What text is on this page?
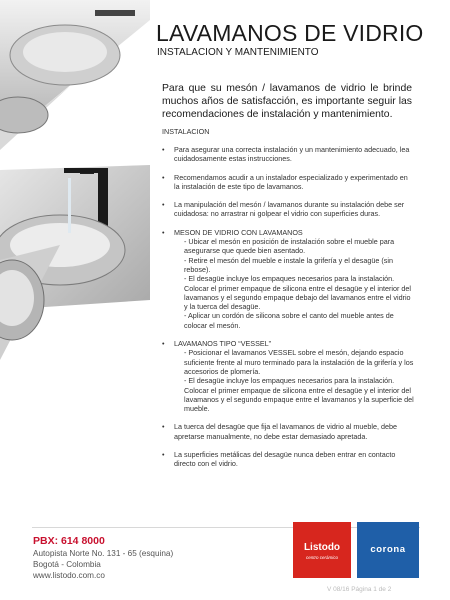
LAVAMANOS DE VIDRIO
INSTALACION Y MANTENIMIENTO

Para que su mesón / lavamanos de vidrio le brinde muchos años de satisfacción, es importante seguir las recomendaciones de instalación y mantenimiento.

INSTALACION
• Para asegurar una correcta instalación y un mantenimiento adecuado, lea cuidadosamente estas instrucciones.
• Recomendamos acudir a un instalador especializado y experimentado en la instalación de este tipo de lavamanos.
• La manipulación del mesón / lavamanos durante su instalación debe ser cuidadosa: no arrastrar ni golpear el vidrio con superficies duras.
• MESON DE VIDRIO CON LAVAMANOS
- Ubicar el mesón en posición de instalación sobre el mueble para asegurarse que quede bien asentado.
- Retire el mesón del mueble e instale la grifería y el desagüe (sin rebose).
- El desagüe incluye los empaques necesarios para la instalación. Colocar el primer empaque de silicona entre el desagüe y el interior del lavamanos y el segundo empaque debajo del lavamanos entre el vidrio y la tuerca del desagüe.
- Aplicar un cordón de silicona sobre el canto del mueble antes de colocar el mesón.
• LAVAMANOS TIPO “VESSEL”
- Posicionar el lavamanos VESSEL sobre el mesón, dejando espacio suficiente frente al muro terminado para la instalación de la grifería y los accesorios de plomería.
- El desagüe incluye los empaques necesarios para la instalación. Colocar el primer empaque de silicona entre el desagüe y el interior del lavamanos y el segundo empaque entre el lavamanos y la superficie del mueble.
• La tuerca del desagüe que fija el lavamanos de vidrio al mueble, debe apretarse manualmente, no debe estar demasiado apretada.
• La superficies metálicas del desagüe nunca deben entrar en contacto directo con el vidrio.
PBX: 614 8000
Autopista Norte No. 131 - 65 (esquina)
Bogotá - Colombia
www.listodo.com.co
Listodo
centro cerámico
corona
V 08/16 Página 1 de 2
